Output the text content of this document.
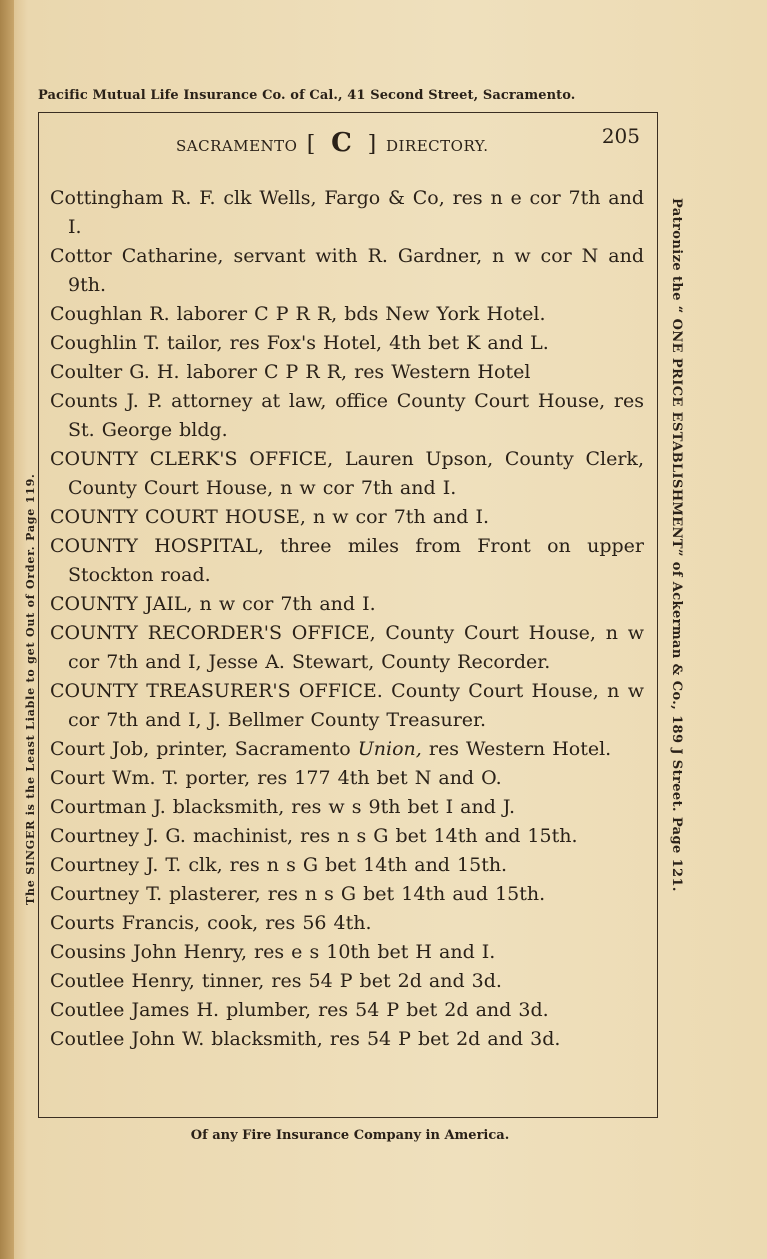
Pacific Mutual Life Insurance Co. of Cal., 41 Second Street, Sacramento.
SACRAMENTO [ C ] DIRECTORY.	205
Cottingham R. F. clk Wells, Fargo & Co, res n e cor 7th and I.
Cottor Catharine, servant with R. Gardner, n w cor N and 9th.
Coughlan R. laborer C P R R, bds New York Hotel.
Coughlin T. tailor, res Fox's Hotel, 4th bet K and L.
Coulter G. H. laborer C P R R, res Western Hotel
Counts J. P. attorney at law, office County Court House, res St. George bldg.
COUNTY CLERK'S OFFICE, Lauren Upson, County Clerk, County Court House, n w cor 7th and I.
COUNTY COURT HOUSE, n w cor 7th and I.
COUNTY HOSPITAL, three miles from Front on upper Stockton road.
COUNTY JAIL, n w cor 7th and I.
COUNTY RECORDER'S OFFICE, County Court House, n w cor 7th and I, Jesse A. Stewart, County Recorder.
COUNTY TREASURER'S OFFICE. County Court House, n w cor 7th and I, J. Bellmer County Treasurer.
Court Job, printer, Sacramento Union, res Western Hotel.
Court Wm. T. porter, res 177 4th bet N and O.
Courtman J. blacksmith, res w s 9th bet I and J.
Courtney J. G. machinist, res n s G bet 14th and 15th.
Courtney J. T. clk, res n s G bet 14th and 15th.
Courtney T. plasterer, res n s G bet 14th aud 15th.
Courts Francis, cook, res 56 4th.
Cousins John Henry, res e s 10th bet H and I.
Coutlee Henry, tinner, res 54 P bet 2d and 3d.
Coutlee James H. plumber, res 54 P bet 2d and 3d.
Coutlee John W. blacksmith, res 54 P bet 2d and 3d.
Of any Fire Insurance Company in America.
The SINGER is the Least Liable to get Out of Order. Page 119.	Patronize the “ ONE PRICE ESTABLISHMENT” of Ackerman & Co., 189 J Street. Page 121.
